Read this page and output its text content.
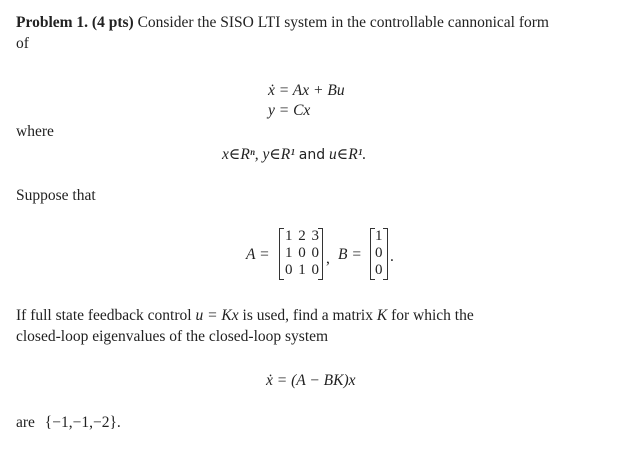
Problem 1. (4 pts) Consider the SISO LTI system in the controllable cannonical form
of
ẋ = Ax + Bu
y = Cx
where
x∈Rⁿ, y∈R¹ and u∈R¹.
Suppose that
A =
1 2 3
1 0 0
0 1 0
, B =
1
0
0
.
If full state feedback control u = Kx is used, find a matrix K for which the
closed-loop eigenvalues of the closed-loop system
ẋ = (A − BK)x
are {−1,−1,−2}.
